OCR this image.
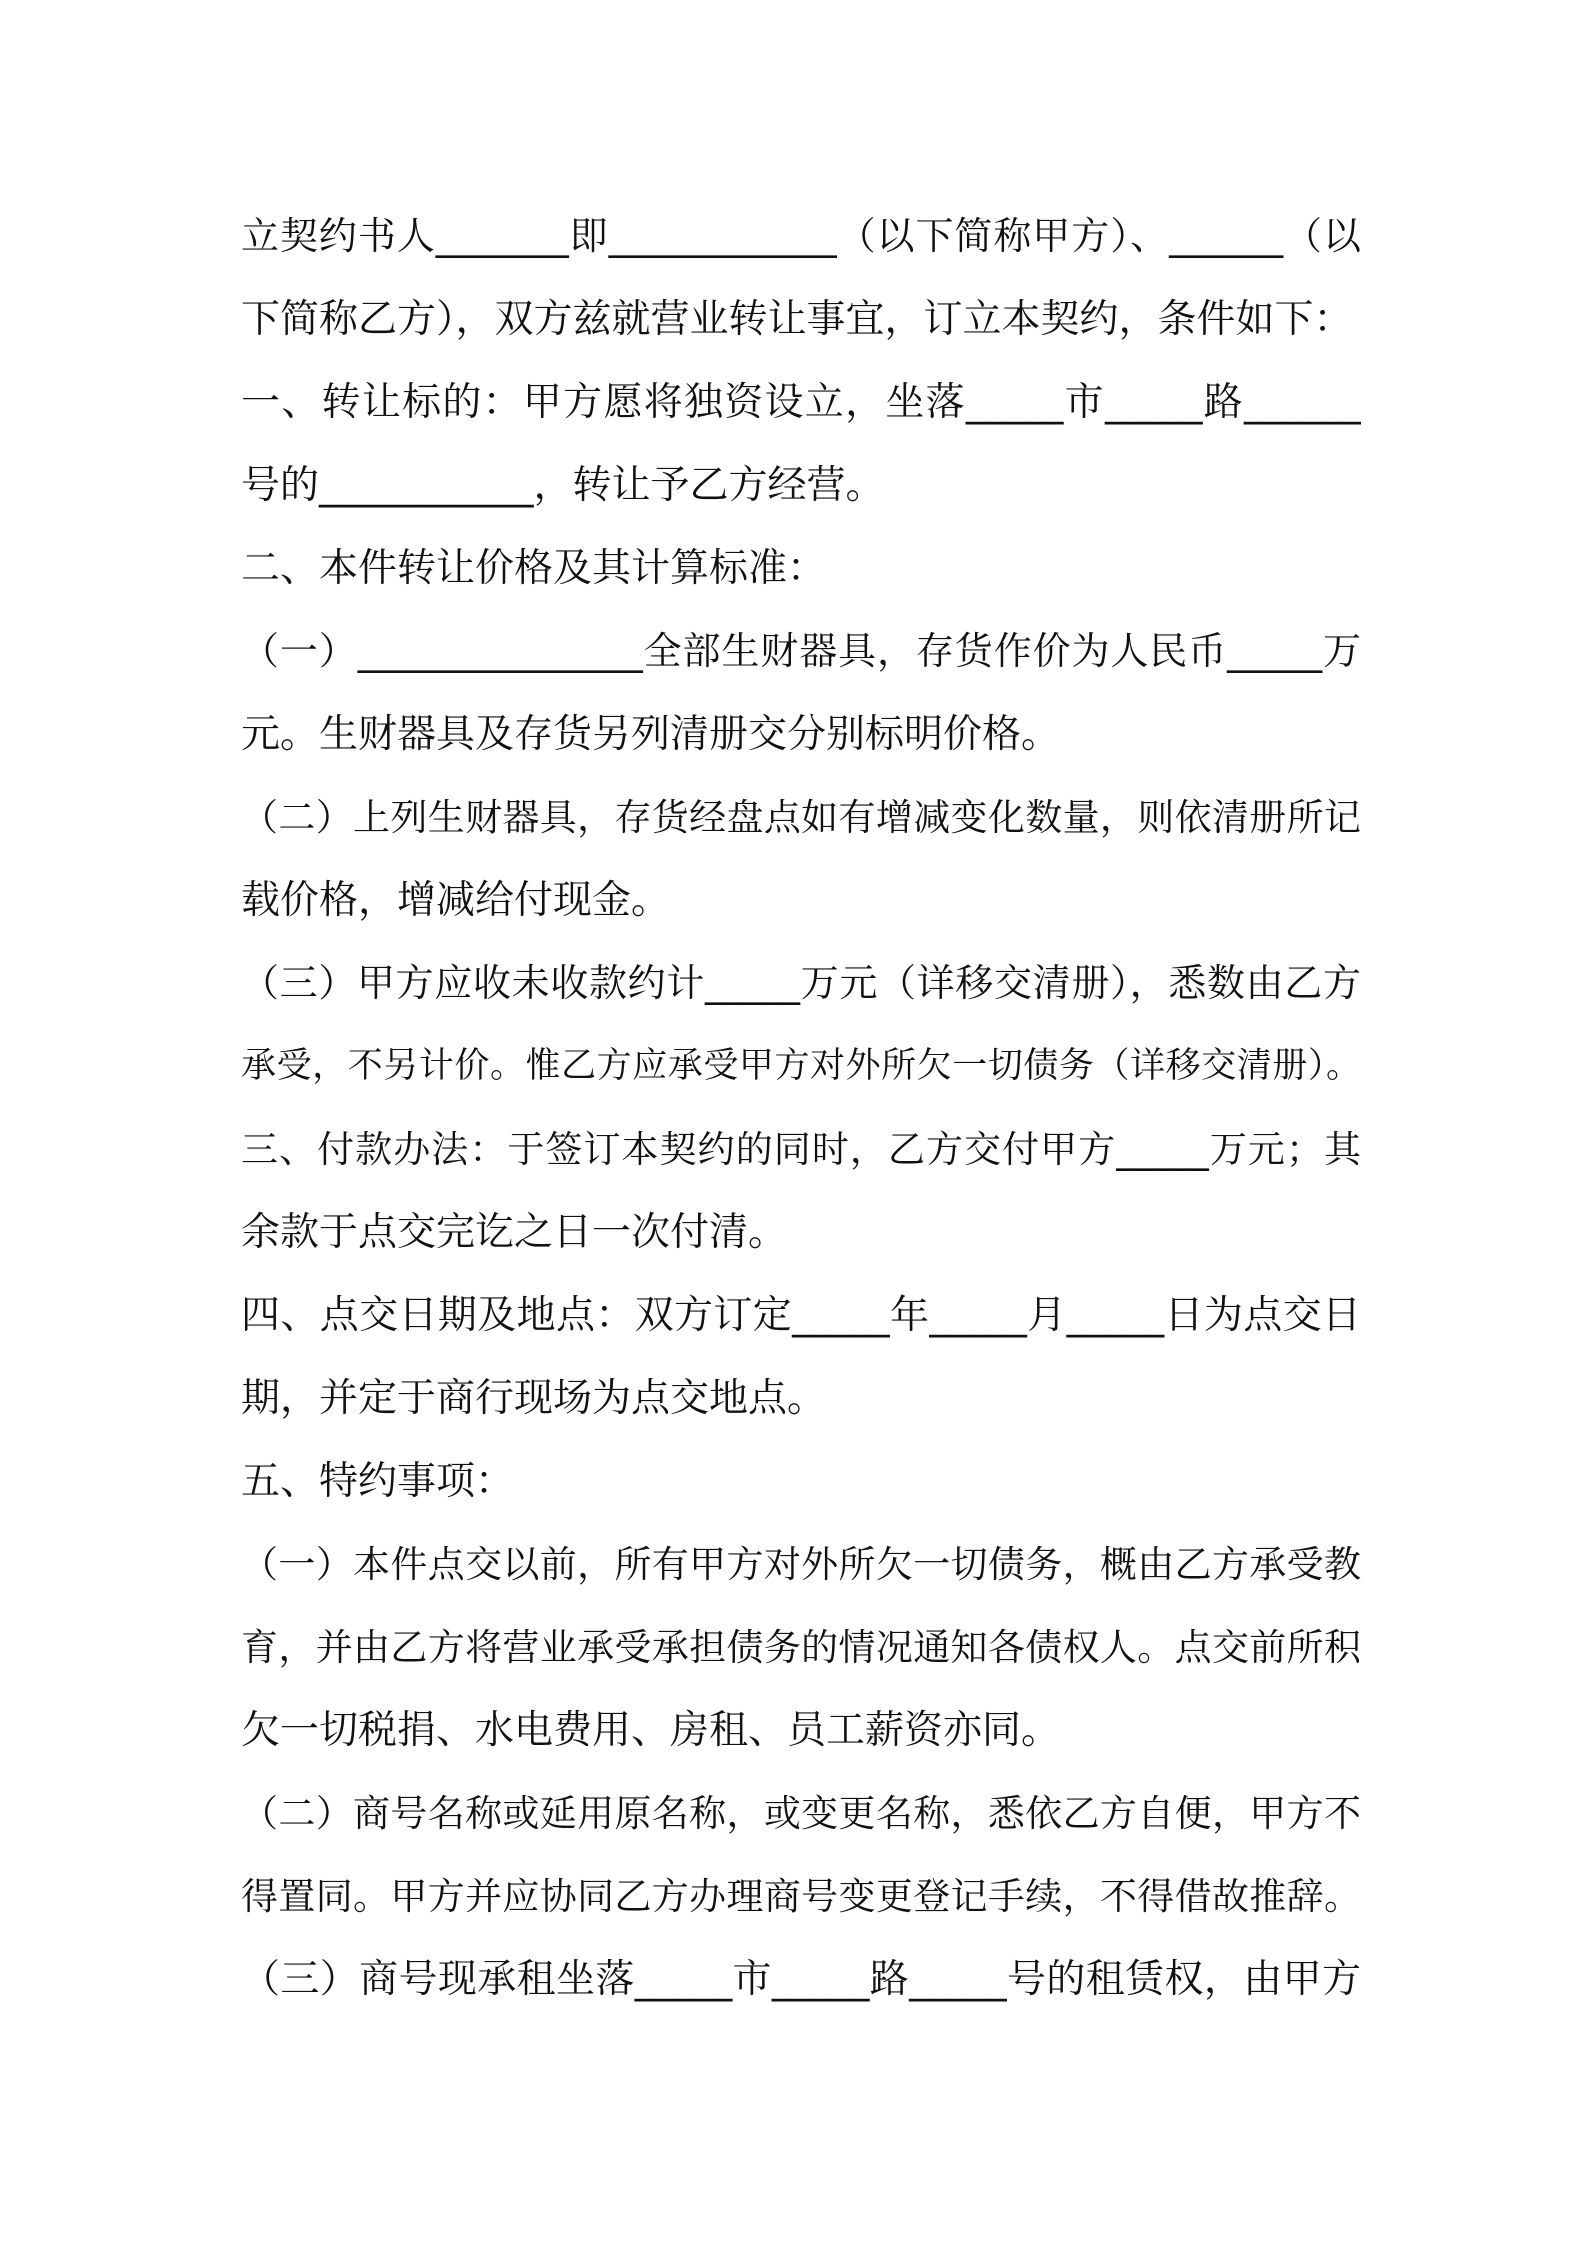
立契约书人_______即____________（以下简称甲方）、______（以
下简称乙方），双方兹就营业转让事宜，订立本契约，条件如下：
一、转让标的：甲方愿将独资设立，坐落_____市_____路______
号的___________，转让予乙方经营。
二、本件转让价格及其计算标准：
（一）_______________全部生财器具，存货作价为人民币_____万
元。生财器具及存货另列清册交分别标明价格。
（二）上列生财器具，存货经盘点如有增减变化数量，则依清册所记
载价格，增减给付现金。
（三）甲方应收未收款约计_____万元（详移交清册），悉数由乙方
承受，不另计价。惟乙方应承受甲方对外所欠一切债务（详移交清册）。
三、付款办法：于签订本契约的同时，乙方交付甲方_____万元；其
余款于点交完讫之日一次付清。
四、点交日期及地点：双方订定_____年_____月_____日为点交日
期，并定于商行现场为点交地点。
五、特约事项：
（一）本件点交以前，所有甲方对外所欠一切债务，概由乙方承受教
育，并由乙方将营业承受承担债务的情况通知各债权人。点交前所积
欠一切税捐、水电费用、房租、员工薪资亦同。
（二）商号名称或延用原名称，或变更名称，悉依乙方自便，甲方不
得置同。甲方并应协同乙方办理商号变更登记手续，不得借故推辞。
（三）商号现承租坐落_____市_____路_____号的租赁权，由甲方
